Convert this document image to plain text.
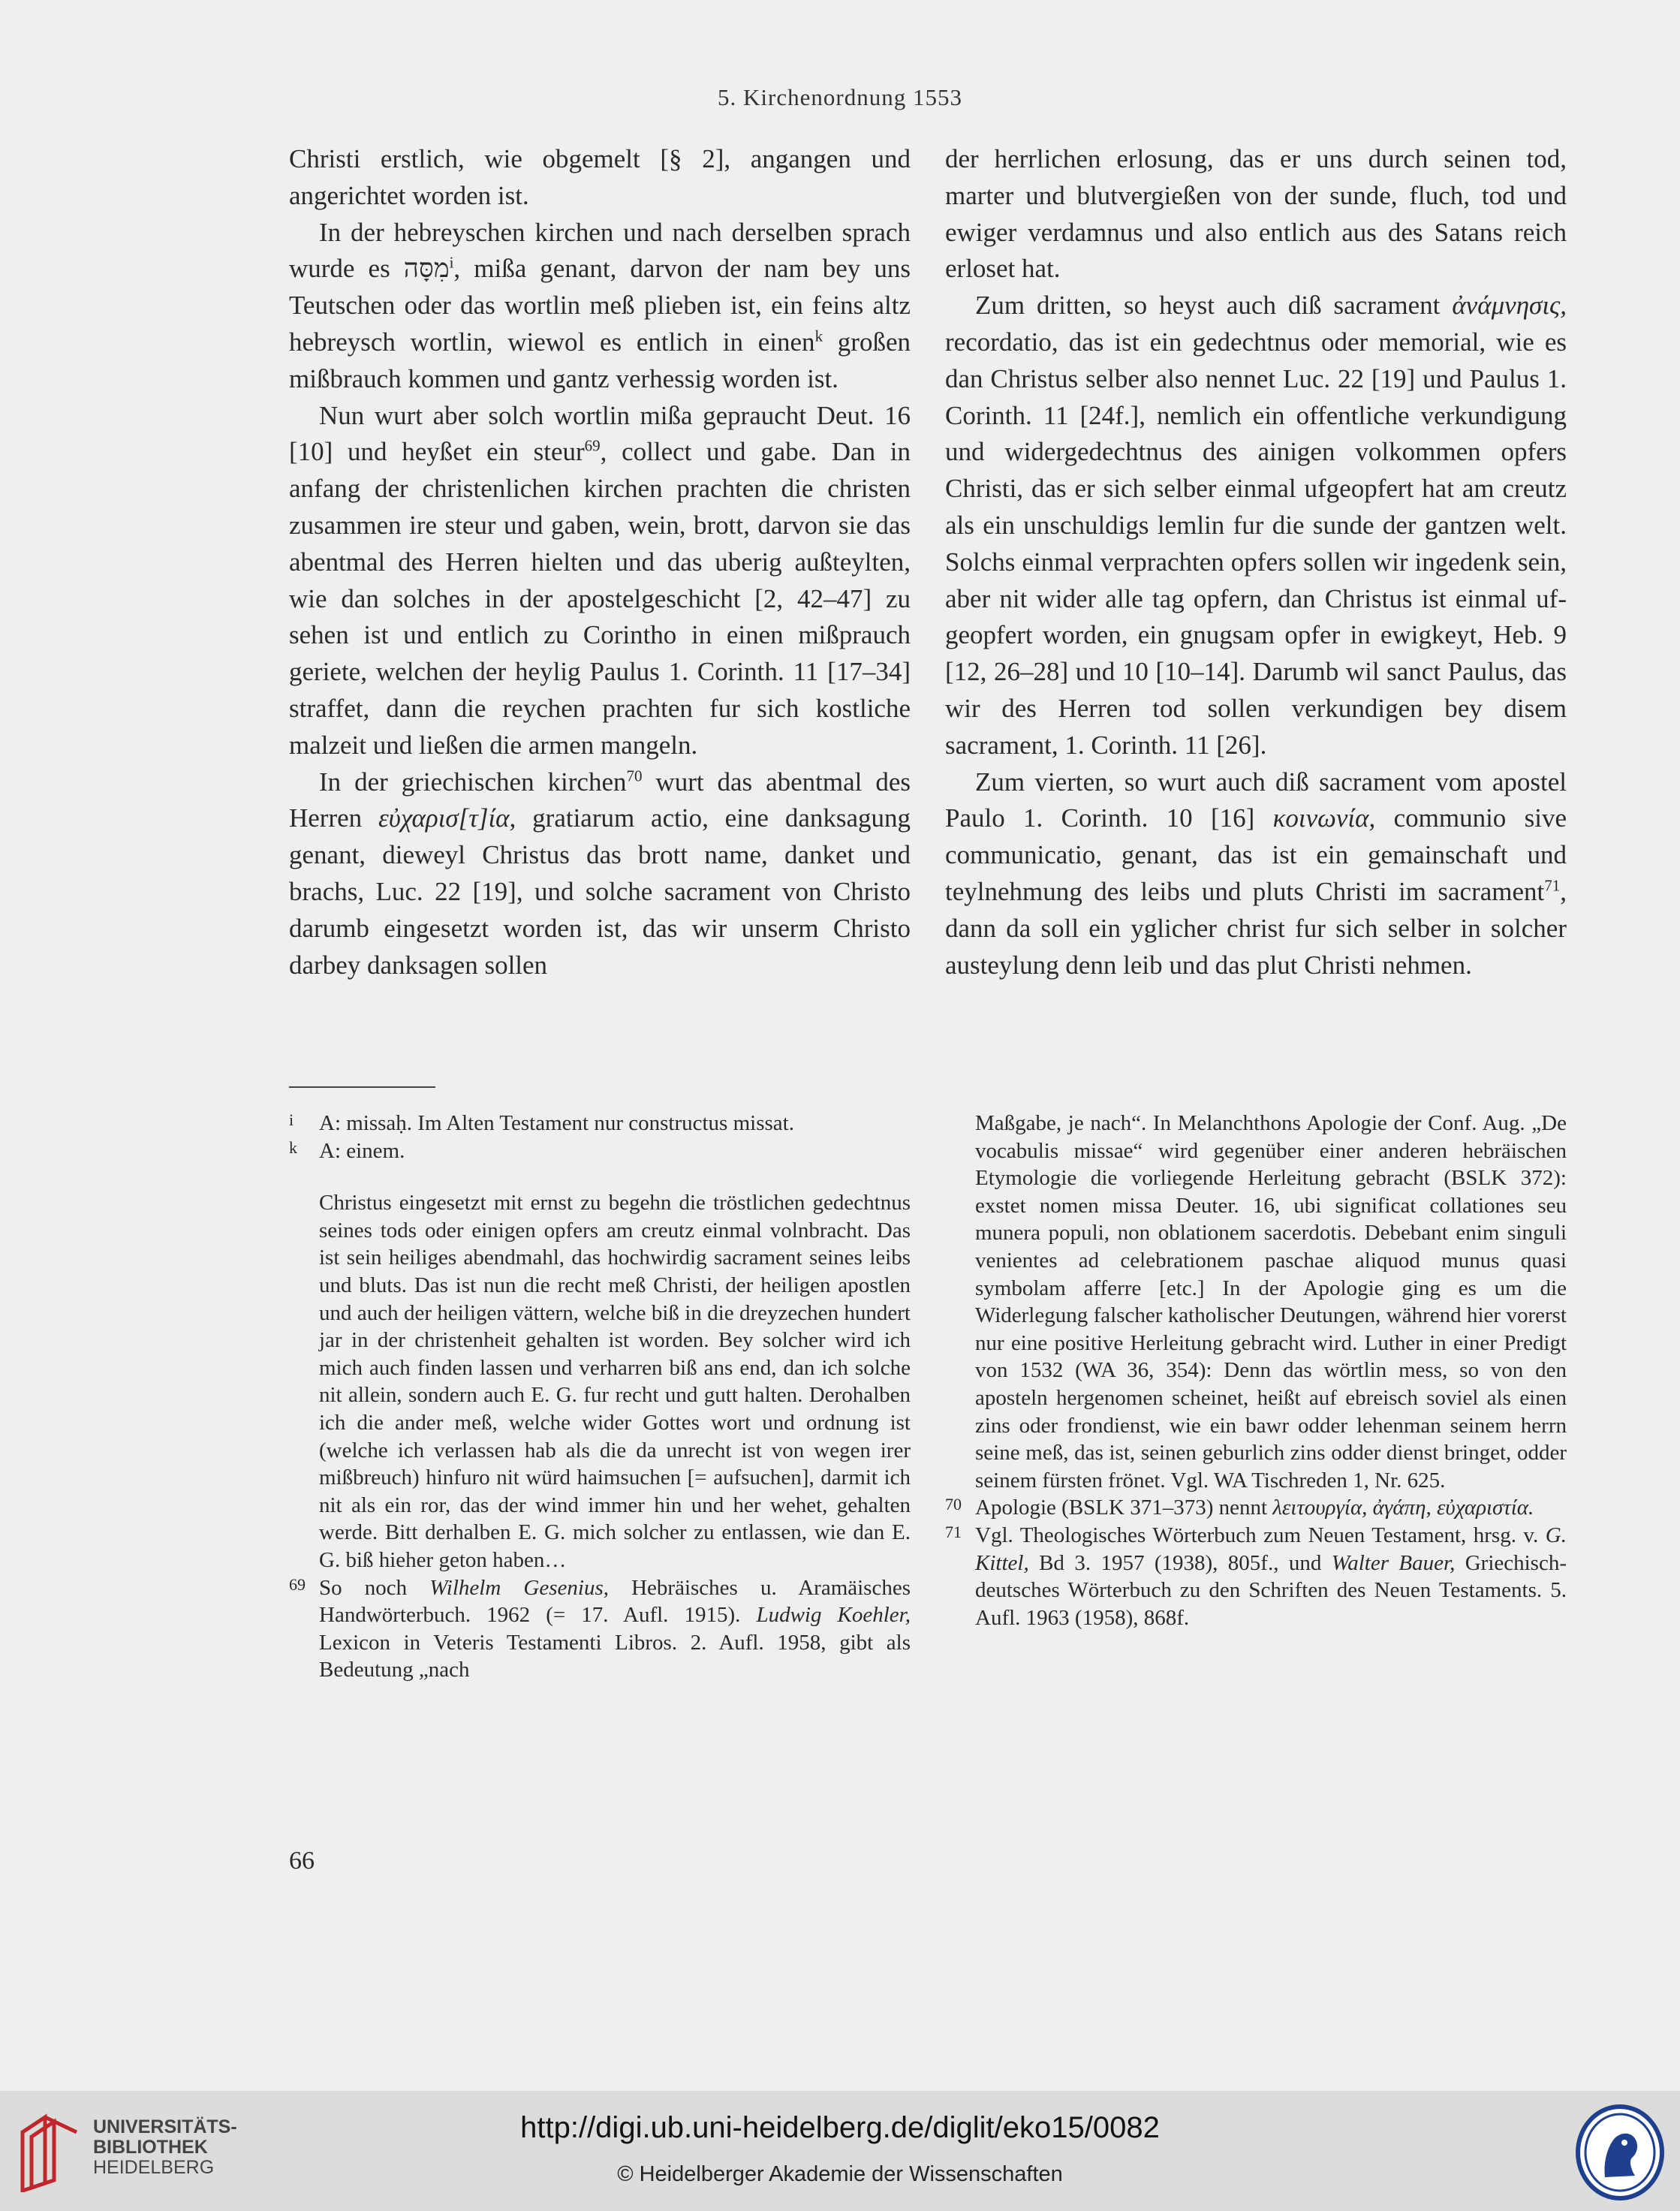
5. Kirchenordnung 1553

Christi erstlich, wie obgemelt [§ 2], angangen und angerichtet worden ist.

In der hebreyschen kirchen und nach derselben sprach wurde es מִסָּה$^i$, mißa genant, darvon der nam bey uns Teutschen oder das wortlin meß plieben ist, ein feins altz hebreysch wortlin, wiewol es entlich in einen$^k$ großen mißbrauch kommen und gantz verhessig worden ist.

Nun wurt aber solch wortlin mißa gepraucht Deut. 16 [10] und heyßet ein steur$^{69}$, collect und gabe. Dan in anfang der christenlichen kirchen prachten die christen zusammen ire steur und gaben, wein, brott, darvon sie das abentmal des Herren hielten und das uberig außteylten, wie dan solches in der apostelgeschicht [2, 42–47] zu sehen ist und entlich zu Corintho in einen mißprauch geriete, welchen der heylig Paulus 1. Corinth. 11 [17–34] straffet, dann die reychen prachten fur sich kostliche malzeit und ließen die armen mangeln.

In der griechischen kirchen$^{70}$ wurt das abentmal des Herren εὐχαρισ[τ]ία, gratiarum actio, eine danksagung genant, dieweyl Christus das brott name, danket und brachs, Luc. 22 [19], und solche sacrament von Christo darumb eingesetzt worden ist, das wir unserm Christo darbey danksagen sollen

der herrlichen erlosung, das er uns durch seinen tod, marter und blutvergießen von der sunde, fluch, tod und ewiger verdamnus und also entlich aus des Satans reich erloset hat.

Zum dritten, so heyst auch diß sacrament ἀνάμνησις, recordatio, das ist ein gedechtnus oder memorial, wie es dan Christus selber also nennet Luc. 22 [19] und Paulus 1. Corinth. 11 [24f.], nemlich ein offentliche verkundigung und widergedechtnus des ainigen volkommen opfers Christi, das er sich selber einmal ufgeopfert hat am creutz als ein unschuldigs lemlin fur die sunde der gantzen welt. Solchs einmal verprachten opfers sollen wir ingedenk sein, aber nit wider alle tag opfern, dan Christus ist einmal ufgeopfert worden, ein gnugsam opfer in ewigkeyt, Heb. 9 [12, 26–28] und 10 [10–14]. Darumb wil sanct Paulus, das wir des Herren tod sollen verkundigen bey disem sacrament, 1. Corinth. 11 [26].

Zum vierten, so wurt auch diß sacrament vom apostel Paulo 1. Corinth. 10 [16] κοινωνία, communio sive communicatio, genant, das ist ein gemainschaft und teylnehmung des leibs und pluts Christi im sacrament$^{71}$, dann da soll ein yglicher christ fur sich selber in solcher austeylung denn leib und das plut Christi nehmen.

i A: missaḥ. Im Alten Testament nur constructus missat.

k A: einem.

Christus eingesetzt mit ernst zu begehn die tröstlichen gedechtnus seines tods oder einigen opfers am creutz einmal volnbracht. Das ist sein heiliges abendmahl, das hochwirdig sacrament seines leibs und bluts. Das ist nun die recht meß Christi, der heiligen apostlen und auch der heiligen vättern, welche biß in die dreyzechen hundert jar in der christenheit gehalten ist worden. Bey solcher wird ich mich auch finden lassen und verharren biß ans end, dan ich solche nit allein, sondern auch E. G. fur recht und gutt halten. Derohalben ich die ander meß, welche wider Gottes wort und ordnung ist (welche ich verlassen hab als die da unrecht ist von wegen irer mißbreuch) hinfuro nit würd haimsuchen [= aufsuchen], darmit ich nit als ein ror, das der wind immer hin und her wehet, gehalten werde. Bitt derhalben E. G. mich solcher zu entlassen, wie dan E. G. biß hieher geton haben…

69 So noch Wilhelm Gesenius, Hebräisches u. Aramäisches Handwörterbuch. 1962 (= 17. Aufl. 1915). Ludwig Koehler, Lexicon in Veteris Testamenti Libros. 2. Aufl. 1958, gibt als Bedeutung „nach

Maßgabe, je nach“. In Melanchthons Apologie der Conf. Aug. „De vocabulis missae“ wird gegenüber einer anderen hebräischen Etymologie die vorliegende Herleitung gebracht (BSLK 372): exstet nomen missa Deuter. 16, ubi significat collationes seu munera populi, non oblationem sacerdotis. Debebant enim singuli venientes ad celebrationem paschae aliquod munus quasi symbolam afferre [etc.] In der Apologie ging es um die Widerlegung falscher katholischer Deutungen, während hier vorerst nur eine positive Herleitung gebracht wird. Luther in einer Predigt von 1532 (WA 36, 354): Denn das wörtlin mess, so von den aposteln hergenomen scheinet, heißt auf ebreisch soviel als einen zins oder frondienst, wie ein bawr odder lehenman seinem herrn seine meß, das ist, seinen geburlich zins odder dienst bringet, odder seinem fürsten frönet. Vgl. WA Tischreden 1, Nr. 625.

70 Apologie (BSLK 371–373) nennt λειτουργία, ἀγάπη, εὐχαριστία.

71 Vgl. Theologisches Wörterbuch zum Neuen Testament, hrsg. v. G. Kittel, Bd 3. 1957 (1938), 805f., und Walter Bauer, Griechisch-deutsches Wörterbuch zu den Schriften des Neuen Testaments. 5. Aufl. 1963 (1958), 868f.

66
UNIVERSITÄTS-
BIBLIOTHEK
HEIDELBERG
http://digi.ub.uni-heidelberg.de/diglit/eko15/0082
© Heidelberger Akademie der Wissenschaften
